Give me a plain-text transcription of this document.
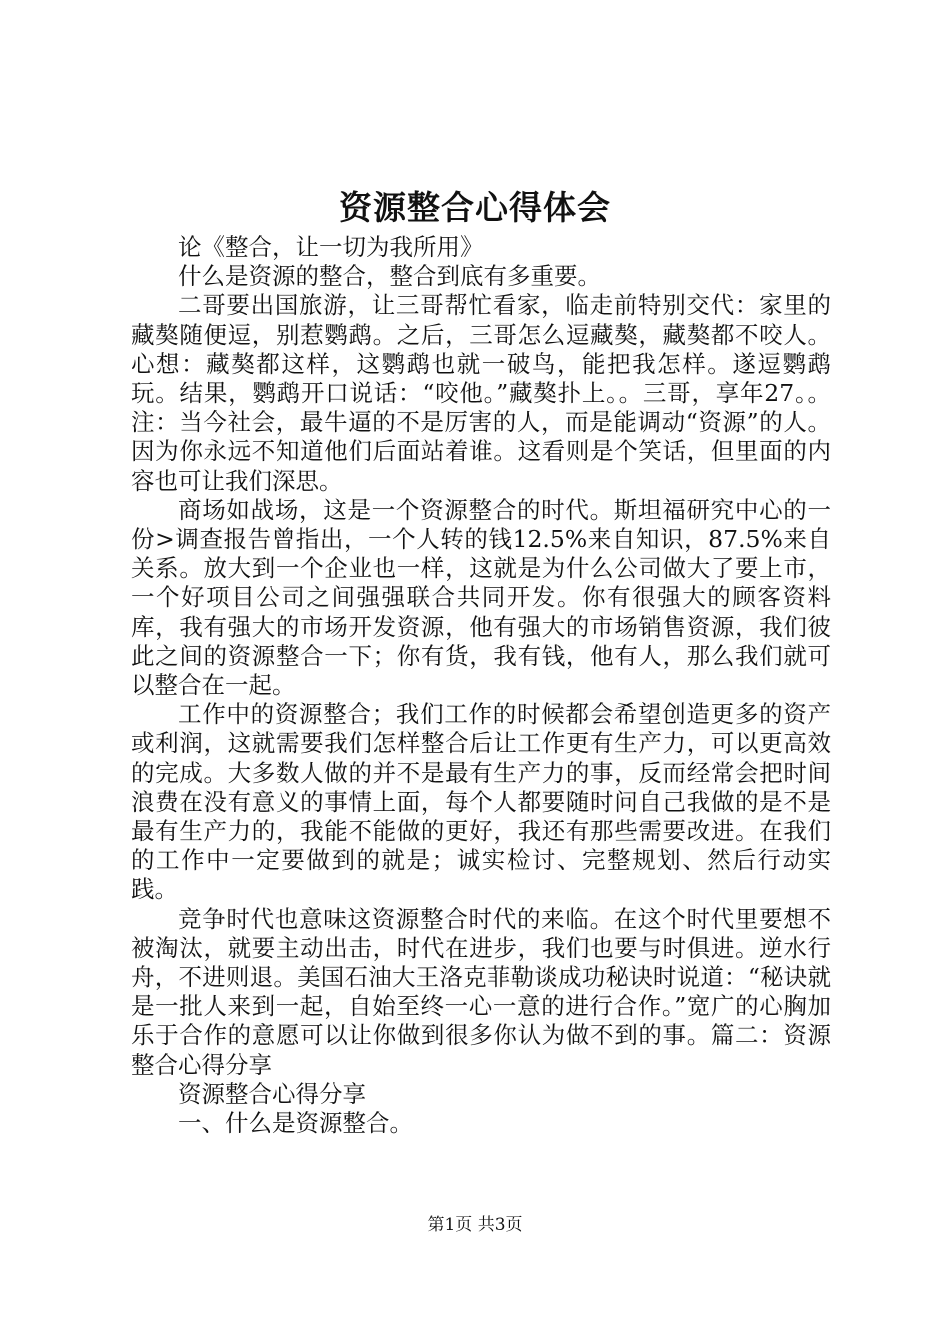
资源整合心得体会

论《整合，让一切为我所用》

什么是资源的整合，整合到底有多重要。

二哥要出国旅游，让三哥帮忙看家，临走前特别交代：家里的藏獒随便逗，别惹鹦鹉。之后，三哥怎么逗藏獒，藏獒都不咬人。心想：藏獒都这样，这鹦鹉也就一破鸟，能把我怎样。遂逗鹦鹉玩。结果，鹦鹉开口说话：“咬他。”藏獒扑上。。三哥，享年27。。注：当今社会，最牛逼的不是厉害的人，而是能调动“资源”的人。因为你永远不知道他们后面站着谁。这看则是个笑话，但里面的内容也可让我们深思。

商场如战场，这是一个资源整合的时代。斯坦福研究中心的一份>调查报告曾指出，一个人转的钱12.5%来自知识，87.5%来自关系。放大到一个企业也一样，这就是为什么公司做大了要上市，一个好项目公司之间强强联合共同开发。你有很强大的顾客资料库，我有强大的市场开发资源，他有强大的市场销售资源，我们彼此之间的资源整合一下；你有货，我有钱，他有人，那么我们就可以整合在一起。

工作中的资源整合；我们工作的时候都会希望创造更多的资产或利润，这就需要我们怎样整合后让工作更有生产力，可以更高效的完成。大多数人做的并不是最有生产力的事，反而经常会把时间浪费在没有意义的事情上面，每个人都要随时问自己我做的是不是最有生产力的，我能不能做的更好，我还有那些需要改进。在我们的工作中一定要做到的就是；诚实检讨、完整规划、然后行动实践。

竞争时代也意味这资源整合时代的来临。在这个时代里要想不被淘汰，就要主动出击，时代在进步，我们也要与时俱进。逆水行舟，不进则退。美国石油大王洛克菲勒谈成功秘诀时说道：“秘诀就是一批人来到一起，自始至终一心一意的进行合作。”宽广的心胸加乐于合作的意愿可以让你做到很多你认为做不到的事。篇二：资源整合心得分享

资源整合心得分享

一、什么是资源整合。

第1页 共3页
